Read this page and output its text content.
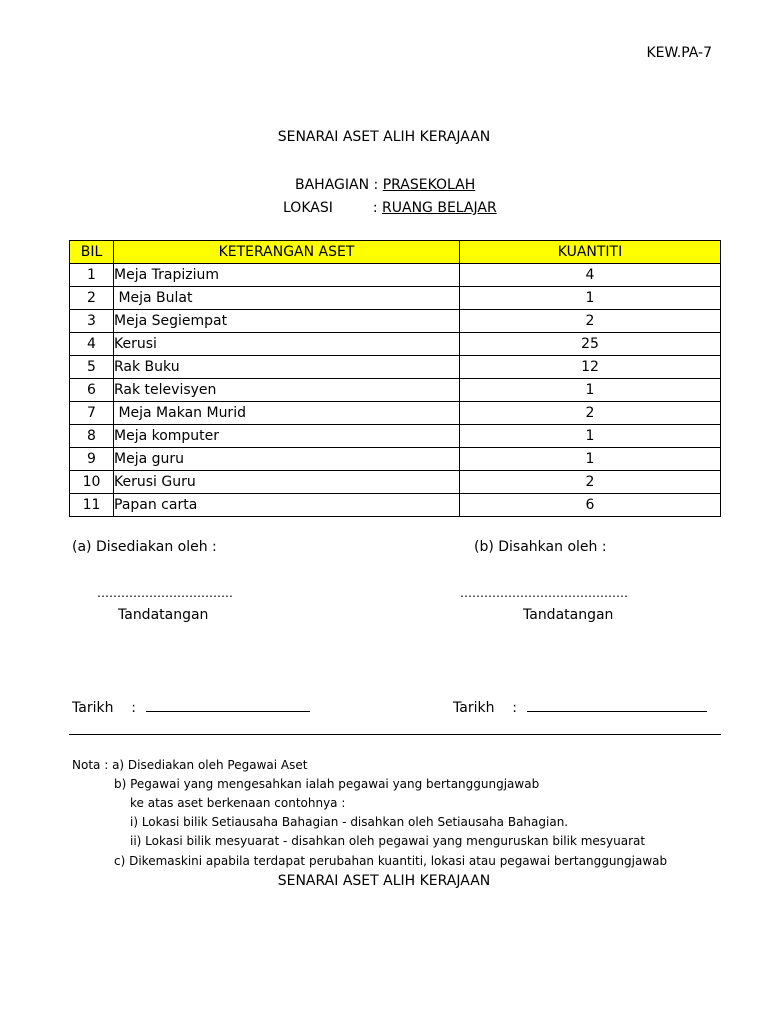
KEW.PA-7
SENARAI ASET ALIH KERAJAAN
BAHAGIAN : PRASEKOLAH
LOKASI	: RUANG BELAJAR
BIL	KETERANGAN ASET	KUANTITI
1	Meja Trapizium	4
2	Meja Bulat	1
3	Meja Segiempat	2
4	Kerusi	25
5	Rak Buku	12
6	Rak televisyen	1
7	Meja Makan Murid	2
8	Meja komputer	1
9	Meja guru	1
10	Kerusi Guru	2
11	Papan carta	6
(a) Disediakan oleh :	(b) Disahkan oleh :
…………………………….	……………………………………
Tandatangan	Tandatangan
Tarikh    :	Tarikh    :
Nota : a) Disediakan oleh Pegawai Aset
b) Pegawai yang mengesahkan ialah pegawai yang bertanggungjawab
ke atas aset berkenaan contohnya :
i) Lokasi bilik Setiausaha Bahagian - disahkan oleh Setiausaha Bahagian.
ii) Lokasi bilik mesyuarat - disahkan oleh pegawai yang menguruskan bilik mesyuarat
c) Dikemaskini apabila terdapat perubahan kuantiti, lokasi atau pegawai bertanggungjawab
SENARAI ASET ALIH KERAJAAN
